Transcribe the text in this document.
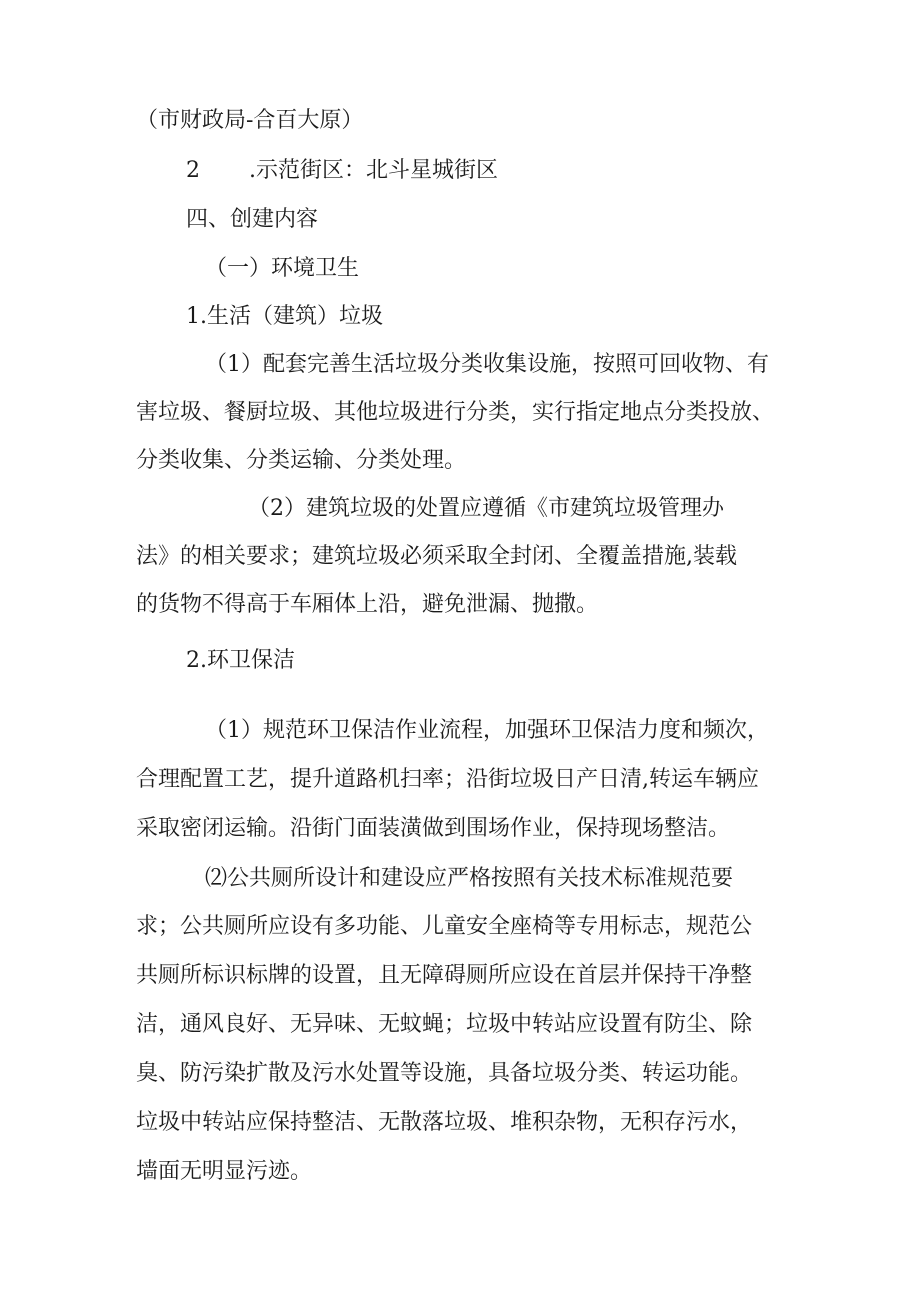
（市财政局-合百大原）

2       .示范街区：北斗星城街区

四、创建内容

（一）环境卫生

1.生活（建筑）垃圾

（1）配套完善生活垃圾分类收集设施，按照可回收物、有

害垃圾、餐厨垃圾、其他垃圾进行分类，实行指定地点分类投放、

分类收集、分类运输、分类处理。

（2）建筑垃圾的处置应遵循《市建筑垃圾管理办

法》的相关要求；建筑垃圾必须采取全封闭、全覆盖措施,装载

的货物不得高于车厢体上沿，避免泄漏、抛撒。

2.环卫保洁

（1）规范环卫保洁作业流程，加强环卫保洁力度和频次，

合理配置工艺，提升道路机扫率；沿街垃圾日产日清,转运车辆应

采取密闭运输。沿街门面装潢做到围场作业，保持现场整洁。

⑵公共厕所设计和建设应严格按照有关技术标准规范要

求；公共厕所应设有多功能、儿童安全座椅等专用标志，规范公

共厕所标识标牌的设置，且无障碍厕所应设在首层并保持干净整

洁，通风良好、无异味、无蚊蝇；垃圾中转站应设置有防尘、除

臭、防污染扩散及污水处置等设施，具备垃圾分类、转运功能。

垃圾中转站应保持整洁、无散落垃圾、堆积杂物，无积存污水，

墙面无明显污迹。
